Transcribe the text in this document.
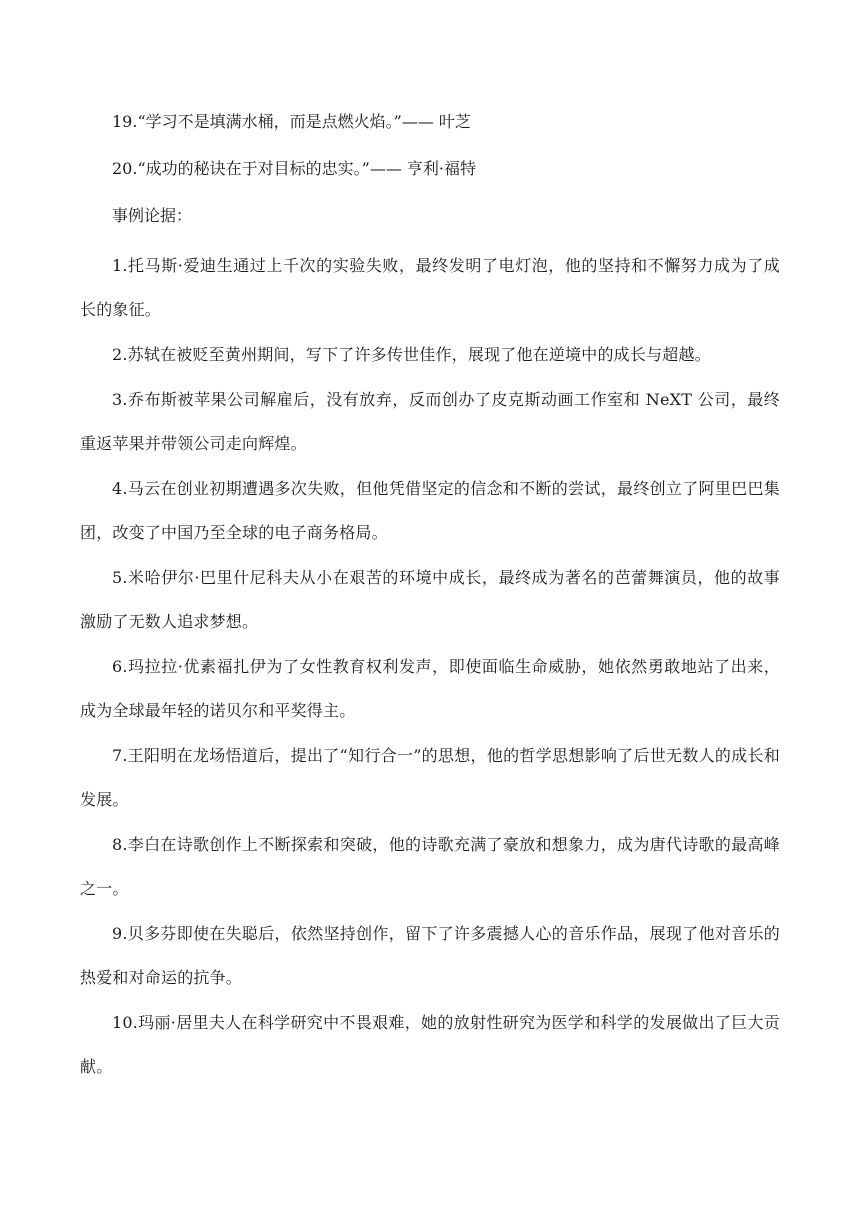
19.“学习不是填满水桶，而是点燃火焰。”—— 叶芝

20.“成功的秘诀在于对目标的忠实。”—— 亨利·福特

事例论据：

1.托马斯·爱迪生通过上千次的实验失败，最终发明了电灯泡，他的坚持和不懈努力成为了成长的象征。

2.苏轼在被贬至黄州期间，写下了许多传世佳作，展现了他在逆境中的成长与超越。

3.乔布斯被苹果公司解雇后，没有放弃，反而创办了皮克斯动画工作室和 NeXT 公司，最终重返苹果并带领公司走向辉煌。

4.马云在创业初期遭遇多次失败，但他凭借坚定的信念和不断的尝试，最终创立了阿里巴巴集团，改变了中国乃至全球的电子商务格局。

5.米哈伊尔·巴里什尼科夫从小在艰苦的环境中成长，最终成为著名的芭蕾舞演员，他的故事激励了无数人追求梦想。

6.玛拉拉·优素福扎伊为了女性教育权利发声，即使面临生命威胁，她依然勇敢地站了出来，成为全球最年轻的诺贝尔和平奖得主。

7.王阳明在龙场悟道后，提出了“知行合一”的思想，他的哲学思想影响了后世无数人的成长和发展。

8.李白在诗歌创作上不断探索和突破，他的诗歌充满了豪放和想象力，成为唐代诗歌的最高峰之一。

9.贝多芬即使在失聪后，依然坚持创作，留下了许多震撼人心的音乐作品，展现了他对音乐的热爱和对命运的抗争。

10.玛丽·居里夫人在科学研究中不畏艰难，她的放射性研究为医学和科学的发展做出了巨大贡献。
